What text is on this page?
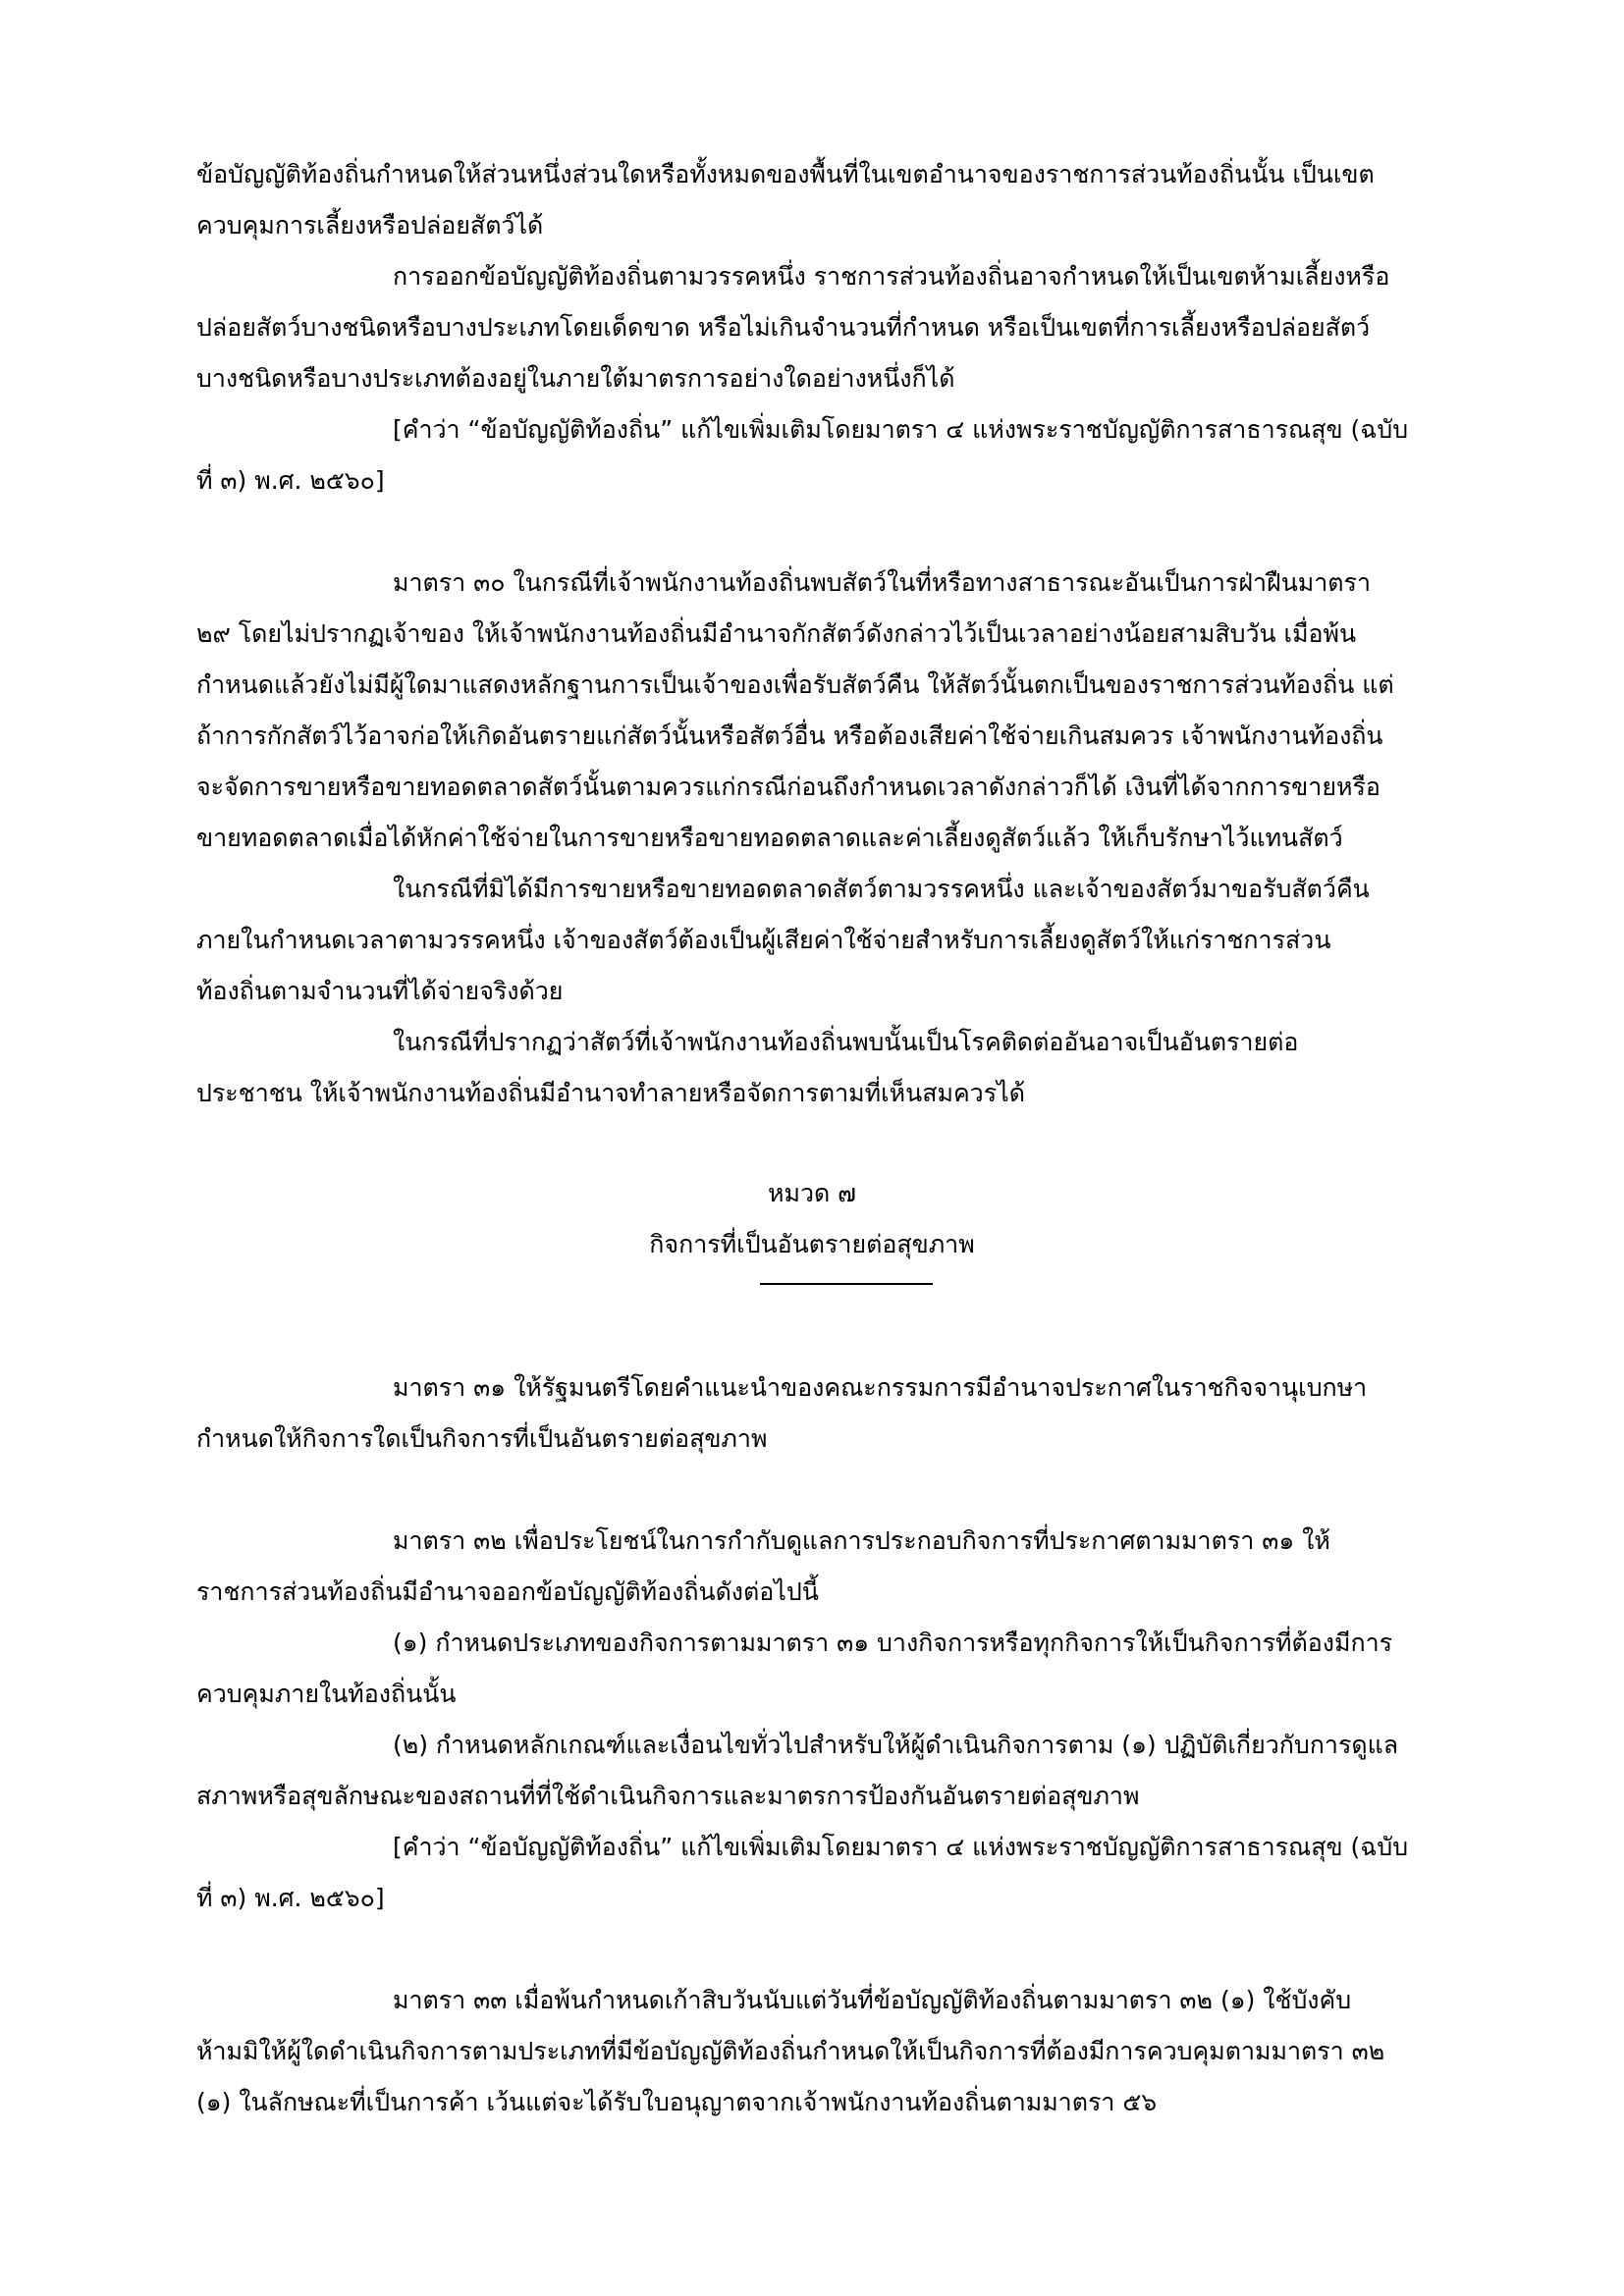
ข้อบัญญัติท้องถิ่นกำหนดให้ส่วนหนึ่งส่วนใดหรือทั้งหมดของพื้นที่ในเขตอำนาจของราชการส่วนท้องถิ่นนั้น เป็นเขต

ควบคุมการเลี้ยงหรือปล่อยสัตว์ได้

การออกข้อบัญญัติท้องถิ่นตามวรรคหนึ่ง ราชการส่วนท้องถิ่นอาจกำหนดให้เป็นเขตห้ามเลี้ยงหรือ

ปล่อยสัตว์บางชนิดหรือบางประเภทโดยเด็ดขาด หรือไม่เกินจำนวนที่กำหนด หรือเป็นเขตที่การเลี้ยงหรือปล่อยสัตว์

บางชนิดหรือบางประเภทต้องอยู่ในภายใต้มาตรการอย่างใดอย่างหนึ่งก็ได้

[คำว่า “ข้อบัญญัติท้องถิ่น” แก้ไขเพิ่มเติมโดยมาตรา ๔ แห่งพระราชบัญญัติการสาธารณสุข (ฉบับ

ที่ ๓) พ.ศ. ๒๕๖๐]

มาตรา ๓๐ ในกรณีที่เจ้าพนักงานท้องถิ่นพบสัตว์ในที่หรือทางสาธารณะอันเป็นการฝ่าฝืนมาตรา

๒๙ โดยไม่ปรากฏเจ้าของ ให้เจ้าพนักงานท้องถิ่นมีอำนาจกักสัตว์ดังกล่าวไว้เป็นเวลาอย่างน้อยสามสิบวัน เมื่อพ้น

กำหนดแล้วยังไม่มีผู้ใดมาแสดงหลักฐานการเป็นเจ้าของเพื่อรับสัตว์คืน ให้สัตว์นั้นตกเป็นของราชการส่วนท้องถิ่น แต่

ถ้าการกักสัตว์ไว้อาจก่อให้เกิดอันตรายแก่สัตว์นั้นหรือสัตว์อื่น หรือต้องเสียค่าใช้จ่ายเกินสมควร เจ้าพนักงานท้องถิ่น

จะจัดการขายหรือขายทอดตลาดสัตว์นั้นตามควรแก่กรณีก่อนถึงกำหนดเวลาดังกล่าวก็ได้ เงินที่ได้จากการขายหรือ

ขายทอดตลาดเมื่อได้หักค่าใช้จ่ายในการขายหรือขายทอดตลาดและค่าเลี้ยงดูสัตว์แล้ว ให้เก็บรักษาไว้แทนสัตว์

ในกรณีที่มิได้มีการขายหรือขายทอดตลาดสัตว์ตามวรรคหนึ่ง และเจ้าของสัตว์มาขอรับสัตว์คืน

ภายในกำหนดเวลาตามวรรคหนึ่ง เจ้าของสัตว์ต้องเป็นผู้เสียค่าใช้จ่ายสำหรับการเลี้ยงดูสัตว์ให้แก่ราชการส่วน

ท้องถิ่นตามจำนวนที่ได้จ่ายจริงด้วย

ในกรณีที่ปรากฏว่าสัตว์ที่เจ้าพนักงานท้องถิ่นพบนั้นเป็นโรคติดต่ออันอาจเป็นอันตรายต่อ

ประชาชน ให้เจ้าพนักงานท้องถิ่นมีอำนาจทำลายหรือจัดการตามที่เห็นสมควรได้

หมวด ๗

กิจการที่เป็นอันตรายต่อสุขภาพ

มาตรา ๓๑ ให้รัฐมนตรีโดยคำแนะนำของคณะกรรมการมีอำนาจประกาศในราชกิจจานุเบกษา

กำหนดให้กิจการใดเป็นกิจการที่เป็นอันตรายต่อสุขภาพ

มาตรา ๓๒ เพื่อประโยชน์ในการกำกับดูแลการประกอบกิจการที่ประกาศตามมาตรา ๓๑ ให้

ราชการส่วนท้องถิ่นมีอำนาจออกข้อบัญญัติท้องถิ่นดังต่อไปนี้

(๑) กำหนดประเภทของกิจการตามมาตรา ๓๑ บางกิจการหรือทุกกิจการให้เป็นกิจการที่ต้องมีการ

ควบคุมภายในท้องถิ่นนั้น

(๒) กำหนดหลักเกณฑ์และเงื่อนไขทั่วไปสำหรับให้ผู้ดำเนินกิจการตาม (๑) ปฏิบัติเกี่ยวกับการดูแล

สภาพหรือสุขลักษณะของสถานที่ที่ใช้ดำเนินกิจการและมาตรการป้องกันอันตรายต่อสุขภาพ

[คำว่า “ข้อบัญญัติท้องถิ่น” แก้ไขเพิ่มเติมโดยมาตรา ๔ แห่งพระราชบัญญัติการสาธารณสุข (ฉบับ

ที่ ๓) พ.ศ. ๒๕๖๐]

มาตรา ๓๓ เมื่อพ้นกำหนดเก้าสิบวันนับแต่วันที่ข้อบัญญัติท้องถิ่นตามมาตรา ๓๒ (๑) ใช้บังคับ

ห้ามมิให้ผู้ใดดำเนินกิจการตามประเภทที่มีข้อบัญญัติท้องถิ่นกำหนดให้เป็นกิจการที่ต้องมีการควบคุมตามมาตรา ๓๒

(๑) ในลักษณะที่เป็นการค้า เว้นแต่จะได้รับใบอนุญาตจากเจ้าพนักงานท้องถิ่นตามมาตรา ๕๖
